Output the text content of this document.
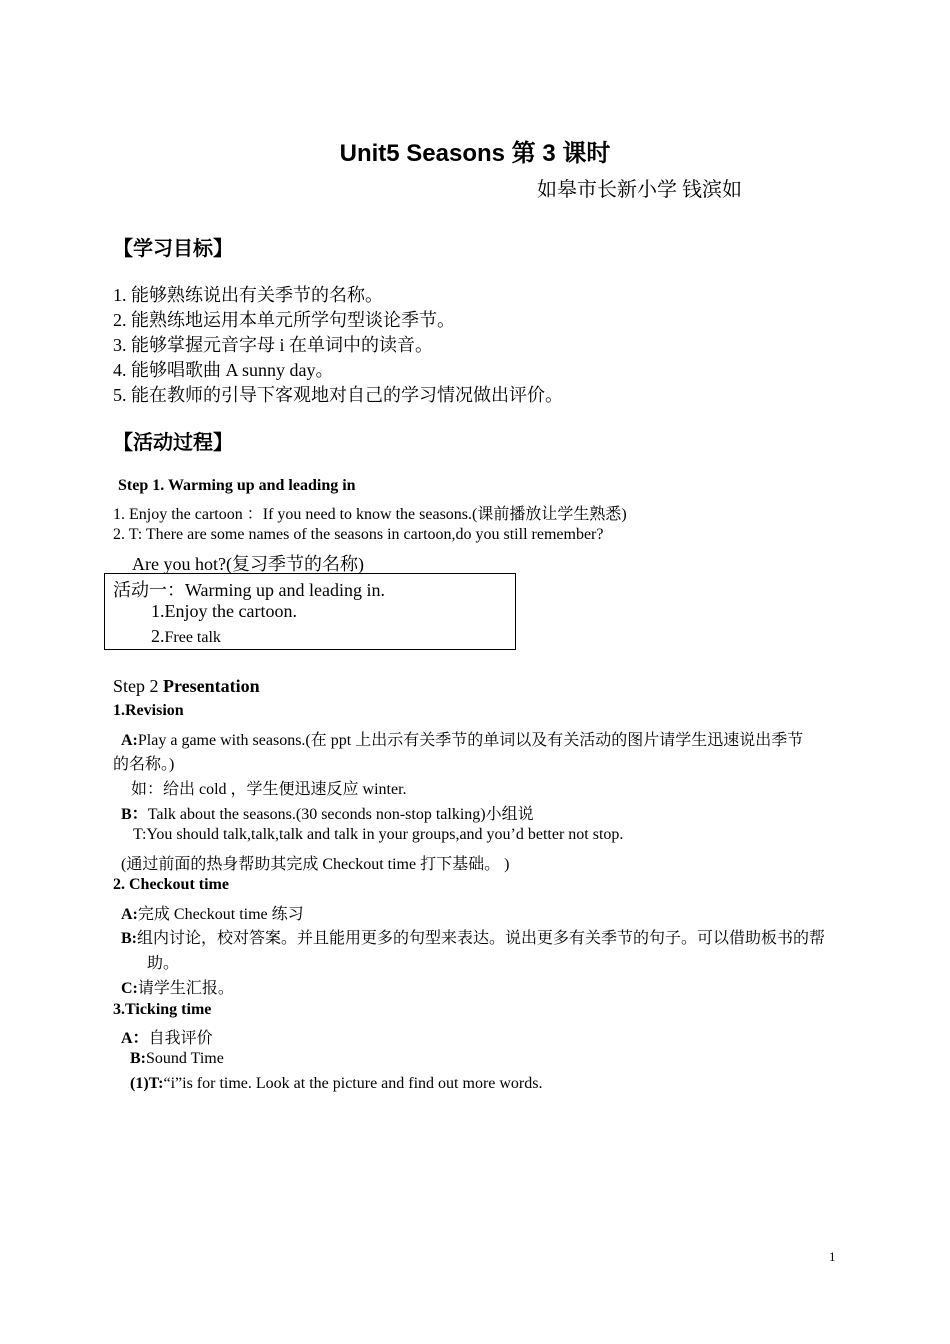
Unit5 Seasons 第 3 课时
如皋市长新小学 钱滨如
【学习目标】
1. 能够熟练说出有关季节的名称。
2. 能熟练地运用本单元所学句型谈论季节。
3. 能够掌握元音字母 i 在单词中的读音。
4. 能够唱歌曲 A sunny day。
5. 能在教师的引导下客观地对自己的学习情况做出评价。
【活动过程】
Step 1. Warming up and leading in
1. Enjoy the cartoon ：If you need to know the seasons.(课前播放让学生熟悉)
2. T: There are some names of the seasons in cartoon,do you still remember?
Are you hot?(复习季节的名称)
活动一：Warming up and leading in.
1.Enjoy the cartoon.
2.Free talk
Step 2 Presentation
1.Revision
A:Play a game with seasons.(在 ppt 上出示有关季节的单词以及有关活动的图片请学生迅速说出季节
的名称。)
如：给出 cold ，学生便迅速反应 winter.
B：Talk about the seasons.(30 seconds non-stop talking)小组说
T:You should talk,talk,talk and talk in your groups,and you’d better not stop.
(通过前面的热身帮助其完成 Checkout time 打下基础。 )
2. Checkout time
A:完成 Checkout time 练习
B:组内讨论，校对答案。并且能用更多的句型来表达。说出更多有关季节的句子。可以借助板书的帮
助。
C:请学生汇报。
3.Ticking time
A：自我评价
B:Sound Time
(1)T:“i”is for time. Look at the picture and find out more words.
1
